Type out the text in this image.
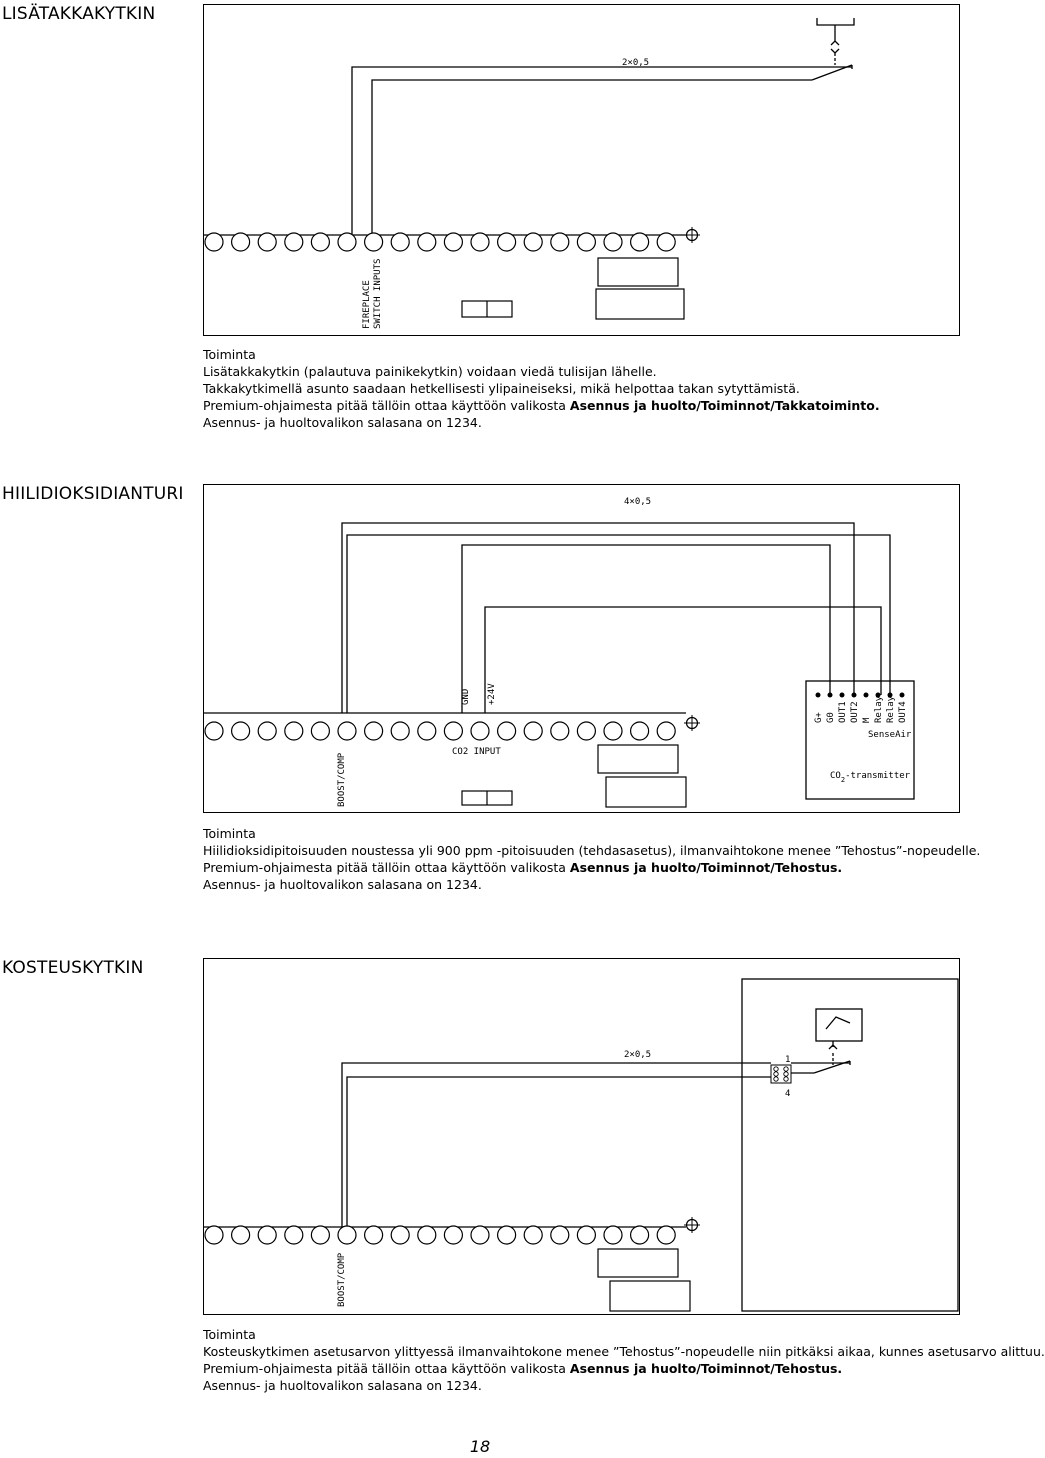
LISÄTAKKAKYTKIN
2×0,5
FIREPLACE SWITCH INPUTS
Toiminta
Lisätakkakytkin (palautuva painikekytkin) voidaan viedä tulisijan lähelle.
Takkakytkimellä asunto saadaan hetkellisesti ylipaineiseksi, mikä helpottaa takan sytyttämistä.
Premium-ohjaimesta pitää tällöin ottaa käyttöön valikosta Asennus ja huolto/Toiminnot/Takkatoiminto.
Asennus- ja huoltovalikon salasana on 1234.
HIILIDIOKSIDIANTURI	4×0,5
GND +24V
CO2 INPUT
BOOST/COMP
G+ G0 OUT1 OUT2 M Relay Relay OUT4
SenseAir
$CO_2$-transmitter
Toiminta
Hiilidioksidipitoisuuden noustessa yli 900 ppm -pitoisuuden (tehdasasetus), ilmanvaihtokone menee ”Tehostus”-nopeudelle.
Premium-ohjaimesta pitää tällöin ottaa käyttöön valikosta Asennus ja huolto/Toiminnot/Tehostus.
Asennus- ja huoltovalikon salasana on 1234.
KOSTEUSKYTKIN
1
4
2×0,5
BOOST/COMP
Toiminta
Kosteuskytkimen asetusarvon ylittyessä ilmanvaihtokone menee ”Tehostus”-nopeudelle niin pitkäksi aikaa, kunnes asetusarvo alittuu.
Premium-ohjaimesta pitää tällöin ottaa käyttöön valikosta Asennus ja huolto/Toiminnot/Tehostus.
Asennus- ja huoltovalikon salasana on 1234.
18
